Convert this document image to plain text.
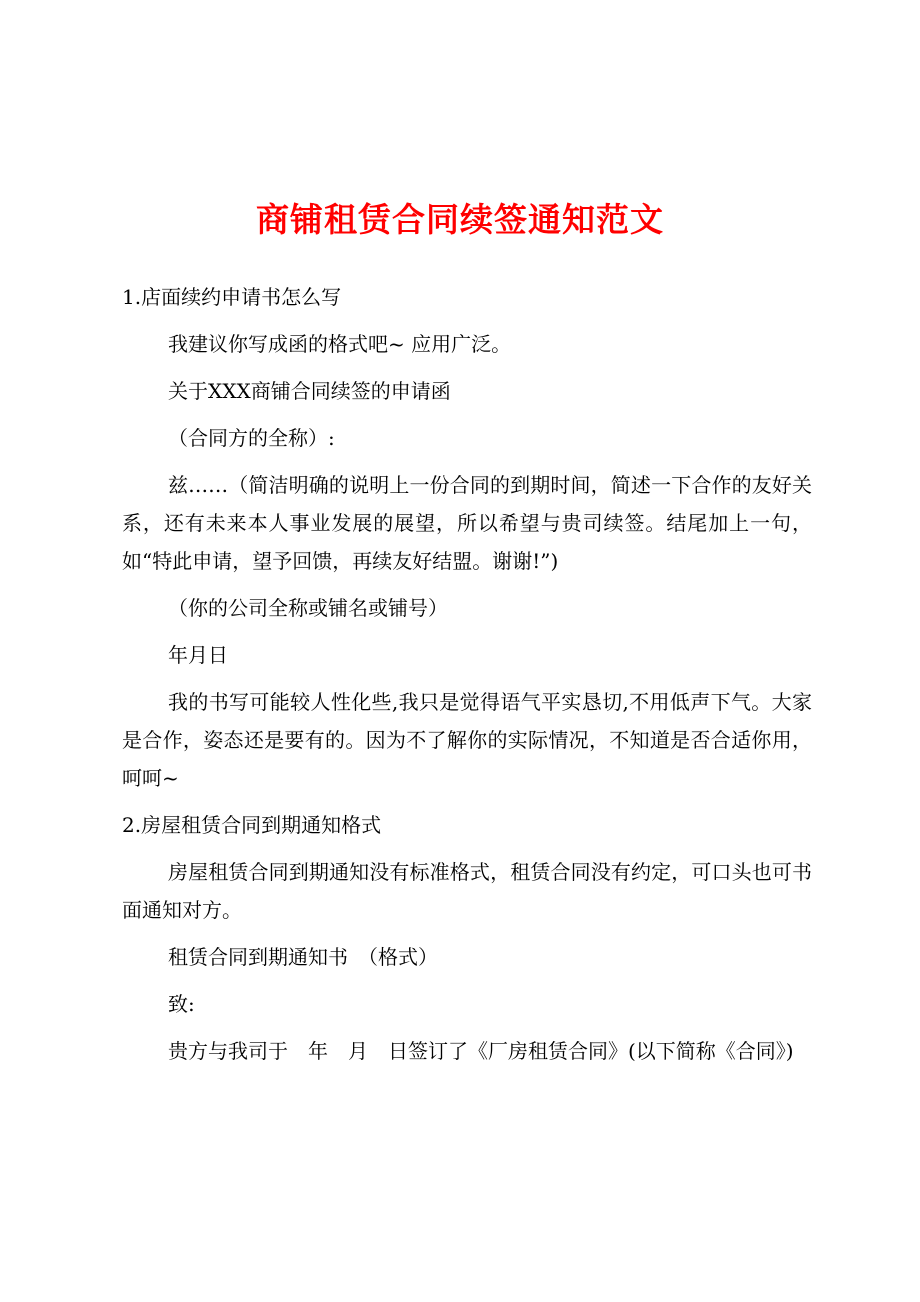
商铺租赁合同续签通知范文

1.店面续约申请书怎么写

我建议你写成函的格式吧~ 应用广泛。

关于XXX商铺合同续签的申请函

（合同方的全称）:

兹……（简洁明确的说明上一份合同的到期时间，简述一下合作的友好关系，还有未来本人事业发展的展望，所以希望与贵司续签。结尾加上一句，如“特此申请，望予回馈，再续友好结盟。谢谢!”)

（你的公司全称或铺名或铺号）

年月日

我的书写可能较人性化些,我只是觉得语气平实恳切,不用低声下气。大家是合作，姿态还是要有的。因为不了解你的实际情况，不知道是否合适你用，呵呵~

2.房屋租赁合同到期通知格式

房屋租赁合同到期通知没有标准格式，租赁合同没有约定，可口头也可书面通知对方。

租赁合同到期通知书　（格式）

致:

贵方与我司于　年　月　日签订了《厂房租赁合同》(以下简称《合同》)
